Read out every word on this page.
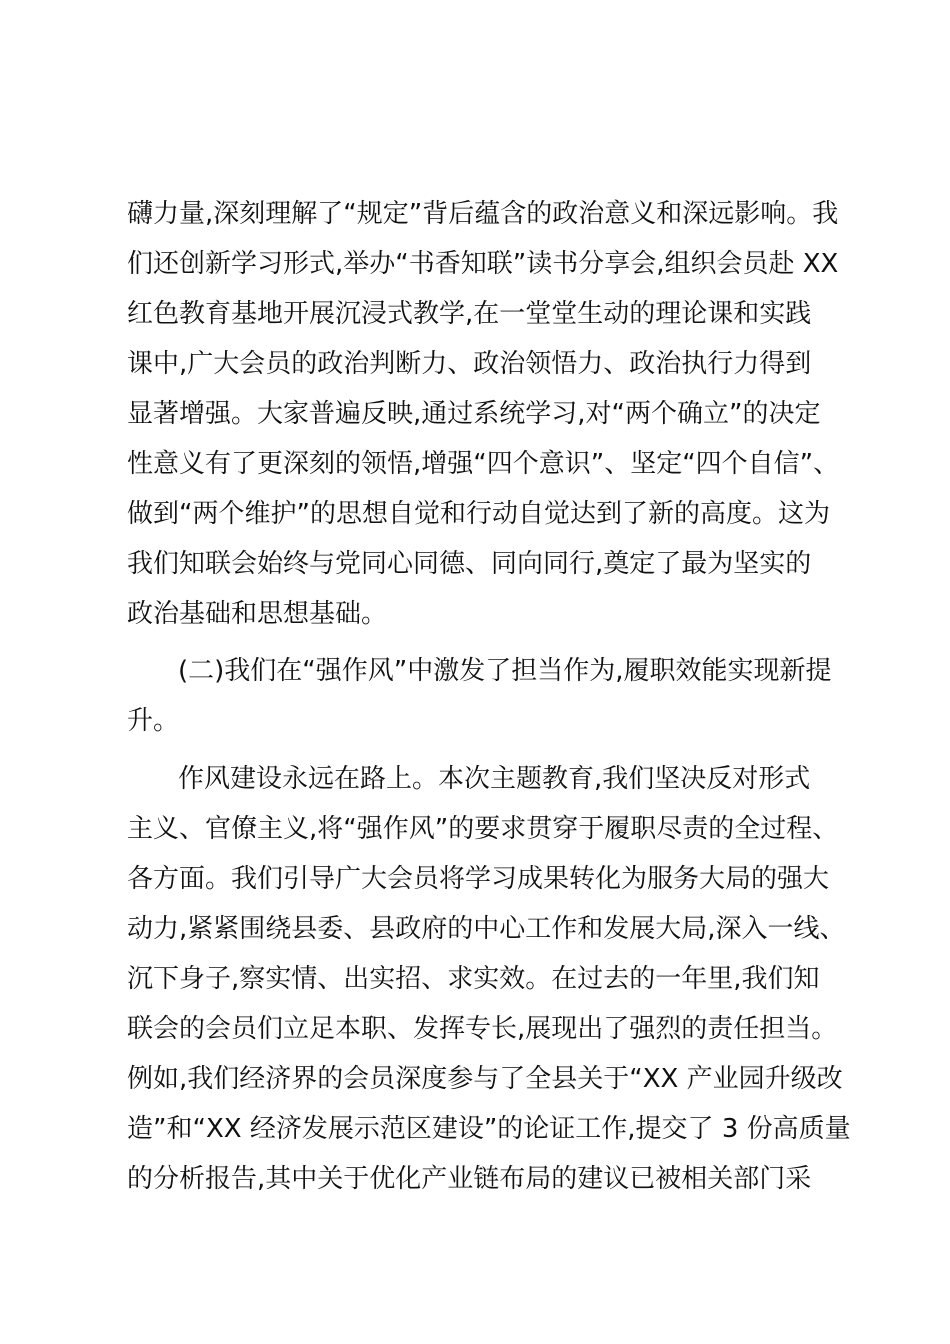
礴力量,深刻理解了“规定”背后蕴含的政治意义和深远影响。我
们还创新学习形式,举办“书香知联”读书分享会,组织会员赴 XX
红色教育基地开展沉浸式教学,在一堂堂生动的理论课和实践
课中,广大会员的政治判断力、政治领悟力、政治执行力得到
显著增强。大家普遍反映,通过系统学习,对“两个确立”的决定
性意义有了更深刻的领悟,增强“四个意识”、坚定“四个自信”、
做到“两个维护”的思想自觉和行动自觉达到了新的高度。这为
我们知联会始终与党同心同德、同向同行,奠定了最为坚实的
政治基础和思想基础。
(二)我们在“强作风”中激发了担当作为,履职效能实现新提
升。
作风建设永远在路上。本次主题教育,我们坚决反对形式
主义、官僚主义,将“强作风”的要求贯穿于履职尽责的全过程、
各方面。我们引导广大会员将学习成果转化为服务大局的强大
动力,紧紧围绕县委、县政府的中心工作和发展大局,深入一线、
沉下身子,察实情、出实招、求实效。在过去的一年里,我们知
联会的会员们立足本职、发挥专长,展现出了强烈的责任担当。
例如,我们经济界的会员深度参与了全县关于“XX 产业园升级改
造”和“XX 经济发展示范区建设”的论证工作,提交了 3 份高质量
的分析报告,其中关于优化产业链布局的建议已被相关部门采
